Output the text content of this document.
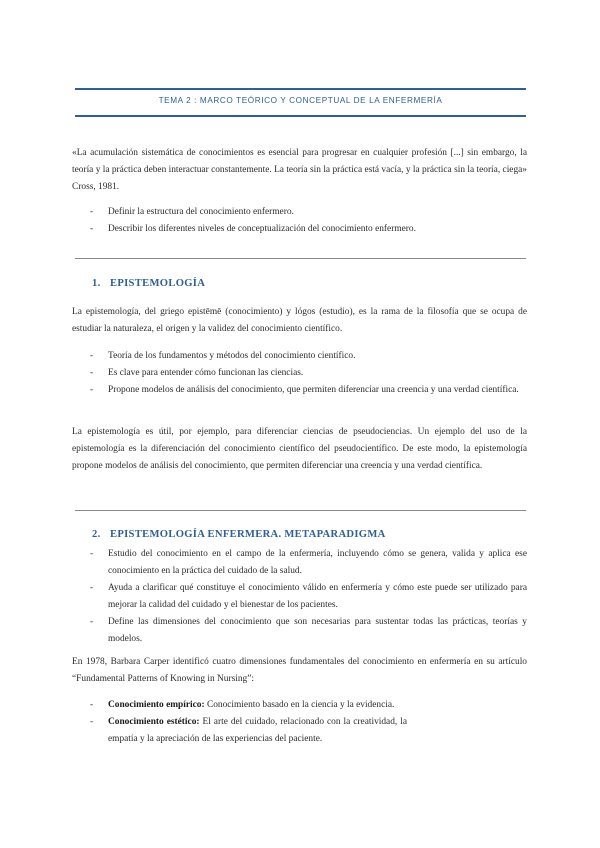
TEMA 2 : MARCO TEÓRICO Y CONCEPTUAL DE LA ENFERMERÍA

«La acumulación sistemática de conocimientos es esencial para progresar en cualquier profesión [...] sin embargo, la teoría y la práctica deben interactuar constantemente. La teoría sin la práctica está vacía, y la práctica sin la teoría, ciega» Cross, 1981.

- Definir la estructura del conocimiento enfermero.
- Describir los diferentes niveles de conceptualización del conocimiento enfermero.
1. EPISTEMOLOGÍA

La epistemología, del griego epistēmē (conocimiento) y lógos (estudio), es la rama de la filosofía que se ocupa de estudiar la naturaleza, el origen y la validez del conocimiento científico.

- Teoría de los fundamentos y métodos del conocimiento científico.
- Es clave para entender cómo funcionan las ciencias.
- Propone modelos de análisis del conocimiento, que permiten diferenciar una creencia y una verdad científica.

La epistemología es útil, por ejemplo, para diferenciar ciencias de pseudociencias. Un ejemplo del uso de la epistemología es la diferenciación del conocimiento científico del pseudocientífico. De este modo, la epistemología propone modelos de análisis del conocimiento, que permiten diferenciar una creencia y una verdad científica.

2. EPISTEMOLOGÍA ENFERMERA. METAPARADIGMA
- Estudio del conocimiento en el campo de la enfermería, incluyendo cómo se genera, valida y aplica ese conocimiento en la práctica del cuidado de la salud.
- Ayuda a clarificar qué constituye el conocimiento válido en enfermería y cómo este puede ser utilizado para mejorar la calidad del cuidado y el bienestar de los pacientes.
- Define las dimensiones del conocimiento que son necesarias para sustentar todas las prácticas, teorías y modelos.

En 1978, Barbara Carper identificó cuatro dimensiones fundamentales del conocimiento en enfermería en su artículo “Fundamental Patterns of Knowing in Nursing”:

- Conocimiento empírico: Conocimiento basado en la ciencia y la evidencia.
- Conocimiento estético: El arte del cuidado, relacionado con la creatividad, la empatía y la apreciación de las experiencias del paciente.
